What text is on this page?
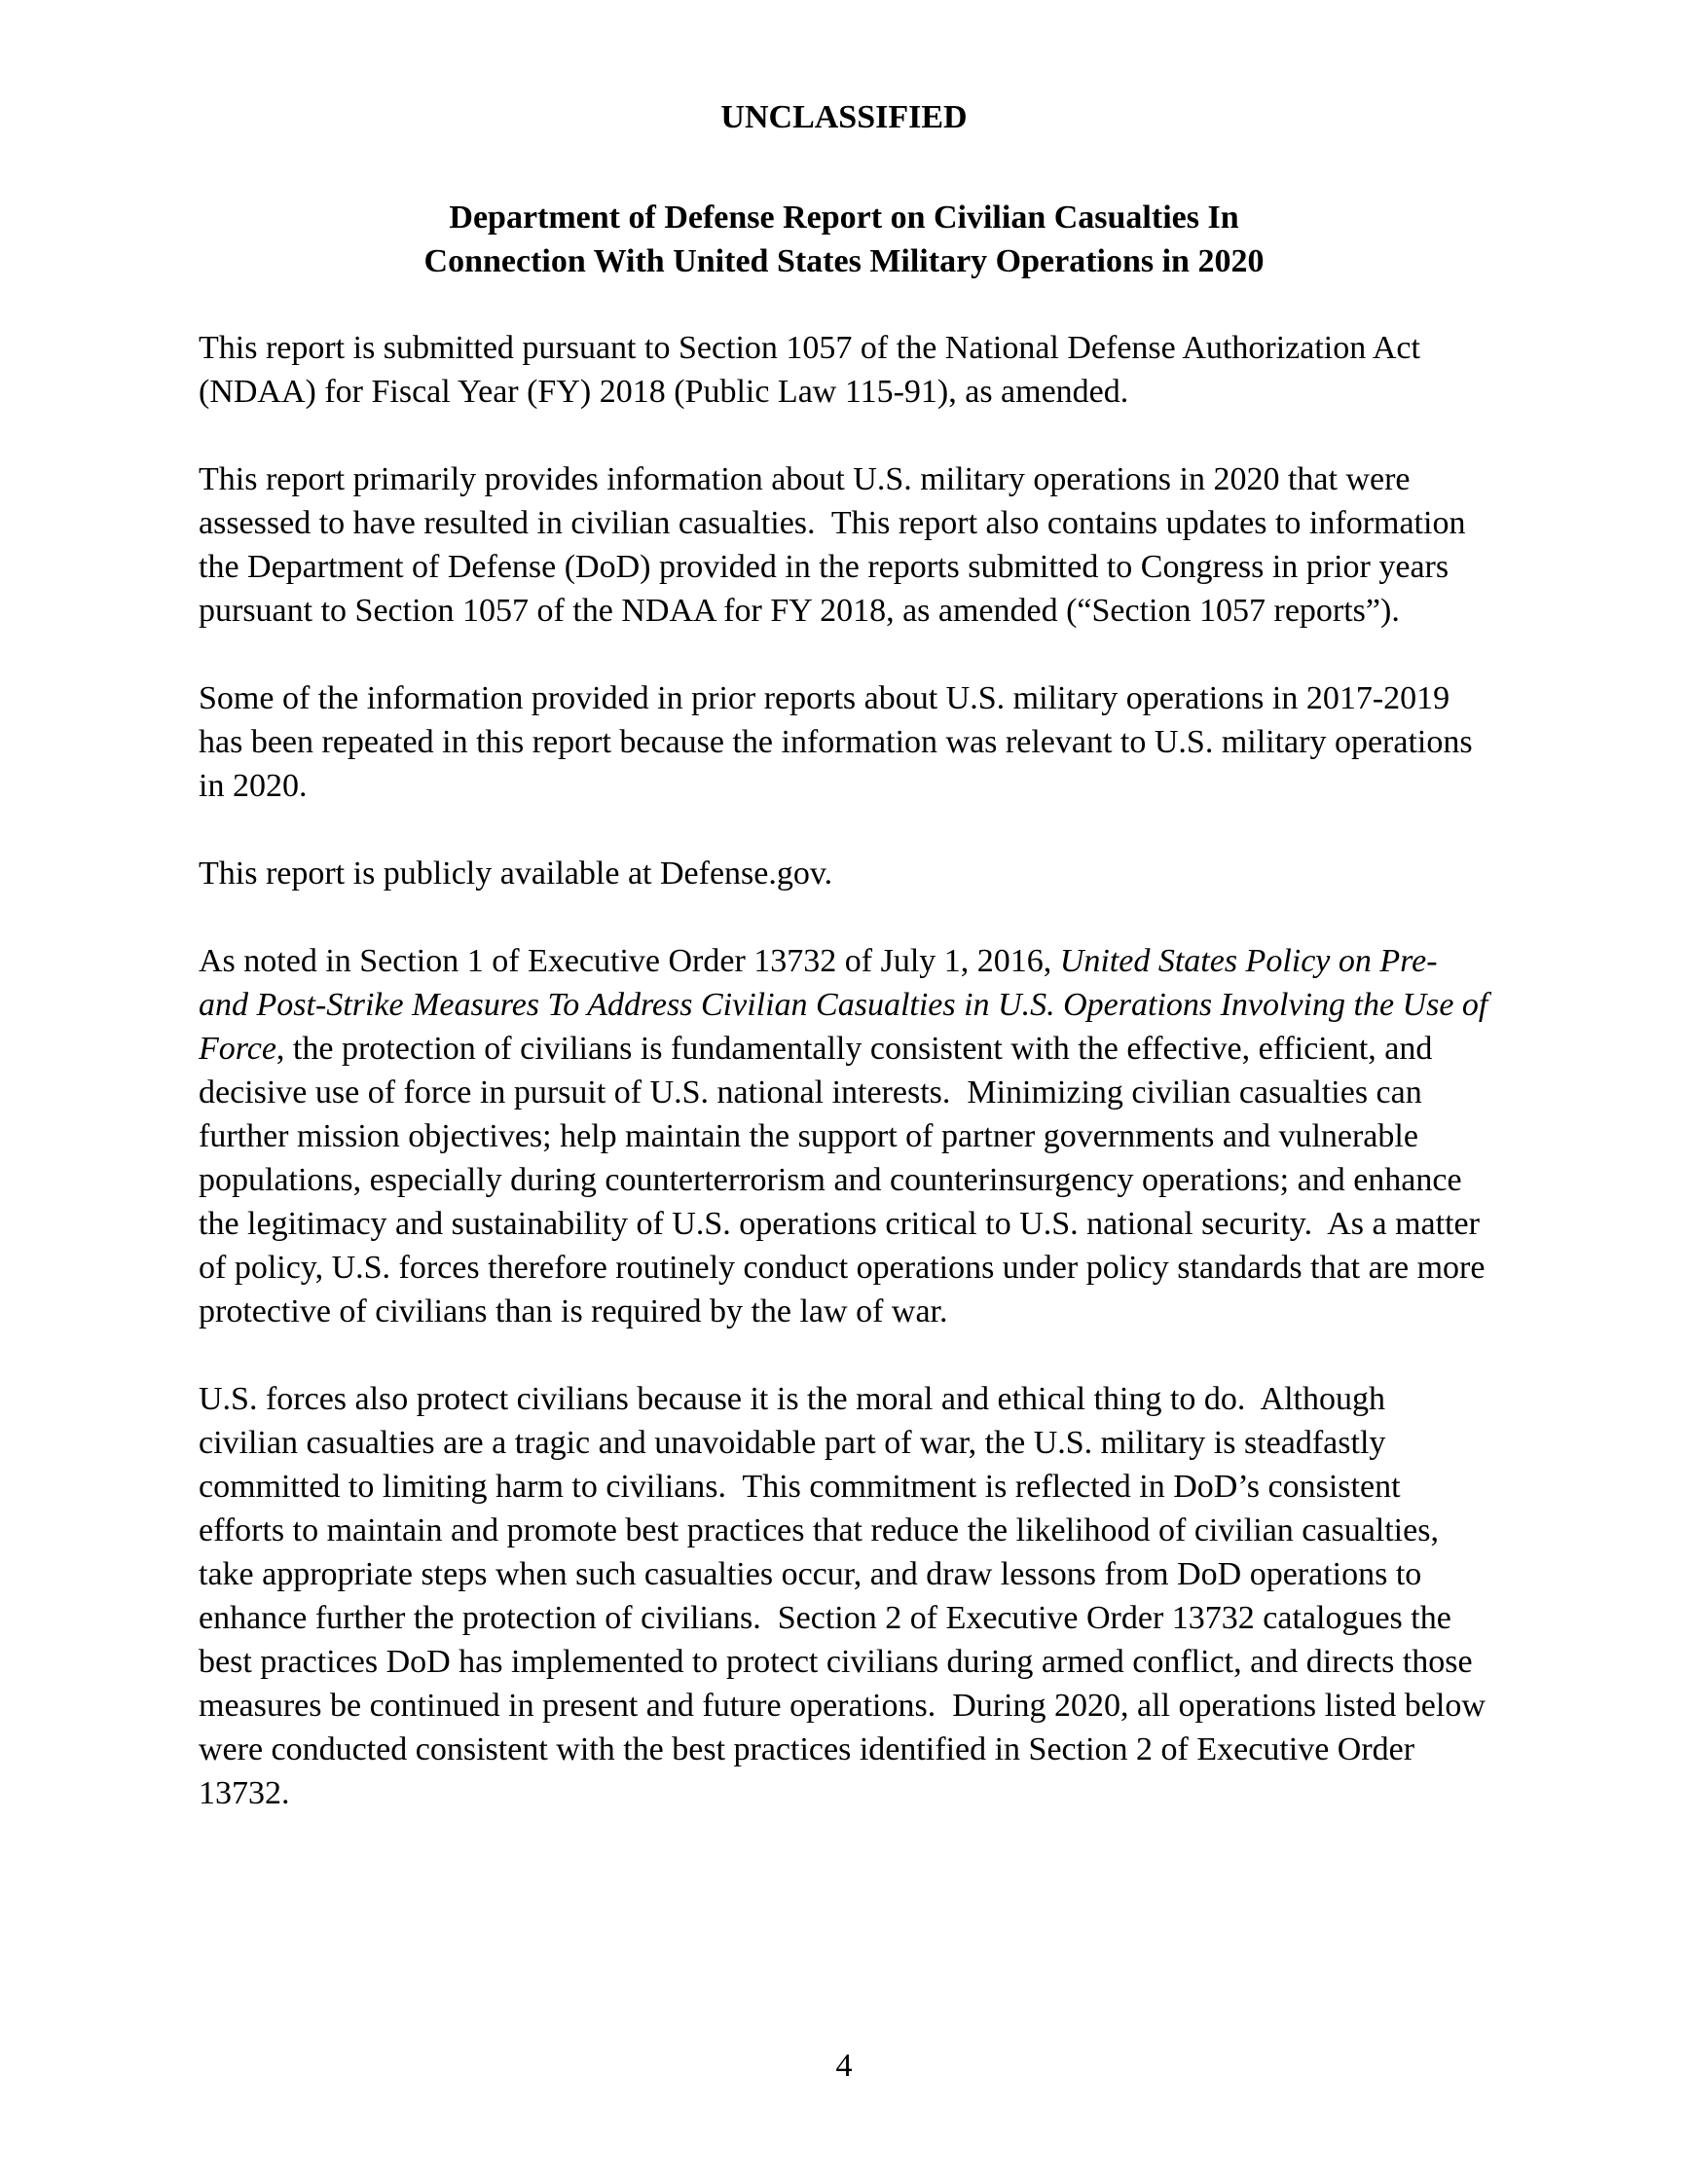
UNCLASSIFIED
Department of Defense Report on Civilian Casualties In
Connection With United States Military Operations in 2020

This report is submitted pursuant to Section 1057 of the National Defense Authorization Act (NDAA) for Fiscal Year (FY) 2018 (Public Law 115-91), as amended.

This report primarily provides information about U.S. military operations in 2020 that were assessed to have resulted in civilian casualties.  This report also contains updates to information the Department of Defense (DoD) provided in the reports submitted to Congress in prior years pursuant to Section 1057 of the NDAA for FY 2018, as amended (“Section 1057 reports”).

Some of the information provided in prior reports about U.S. military operations in 2017-2019 has been repeated in this report because the information was relevant to U.S. military operations in 2020.

This report is publicly available at Defense.gov.

As noted in Section 1 of Executive Order 13732 of July 1, 2016, United States Policy on Pre- and Post-Strike Measures To Address Civilian Casualties in U.S. Operations Involving the Use of Force, the protection of civilians is fundamentally consistent with the effective, efficient, and decisive use of force in pursuit of U.S. national interests.  Minimizing civilian casualties can further mission objectives; help maintain the support of partner governments and vulnerable populations, especially during counterterrorism and counterinsurgency operations; and enhance the legitimacy and sustainability of U.S. operations critical to U.S. national security.  As a matter of policy, U.S. forces therefore routinely conduct operations under policy standards that are more protective of civilians than is required by the law of war.

U.S. forces also protect civilians because it is the moral and ethical thing to do.  Although civilian casualties are a tragic and unavoidable part of war, the U.S. military is steadfastly committed to limiting harm to civilians.  This commitment is reflected in DoD’s consistent efforts to maintain and promote best practices that reduce the likelihood of civilian casualties, take appropriate steps when such casualties occur, and draw lessons from DoD operations to enhance further the protection of civilians.  Section 2 of Executive Order 13732 catalogues the best practices DoD has implemented to protect civilians during armed conflict, and directs those measures be continued in present and future operations.  During 2020, all operations listed below were conducted consistent with the best practices identified in Section 2 of Executive Order 13732.

4
